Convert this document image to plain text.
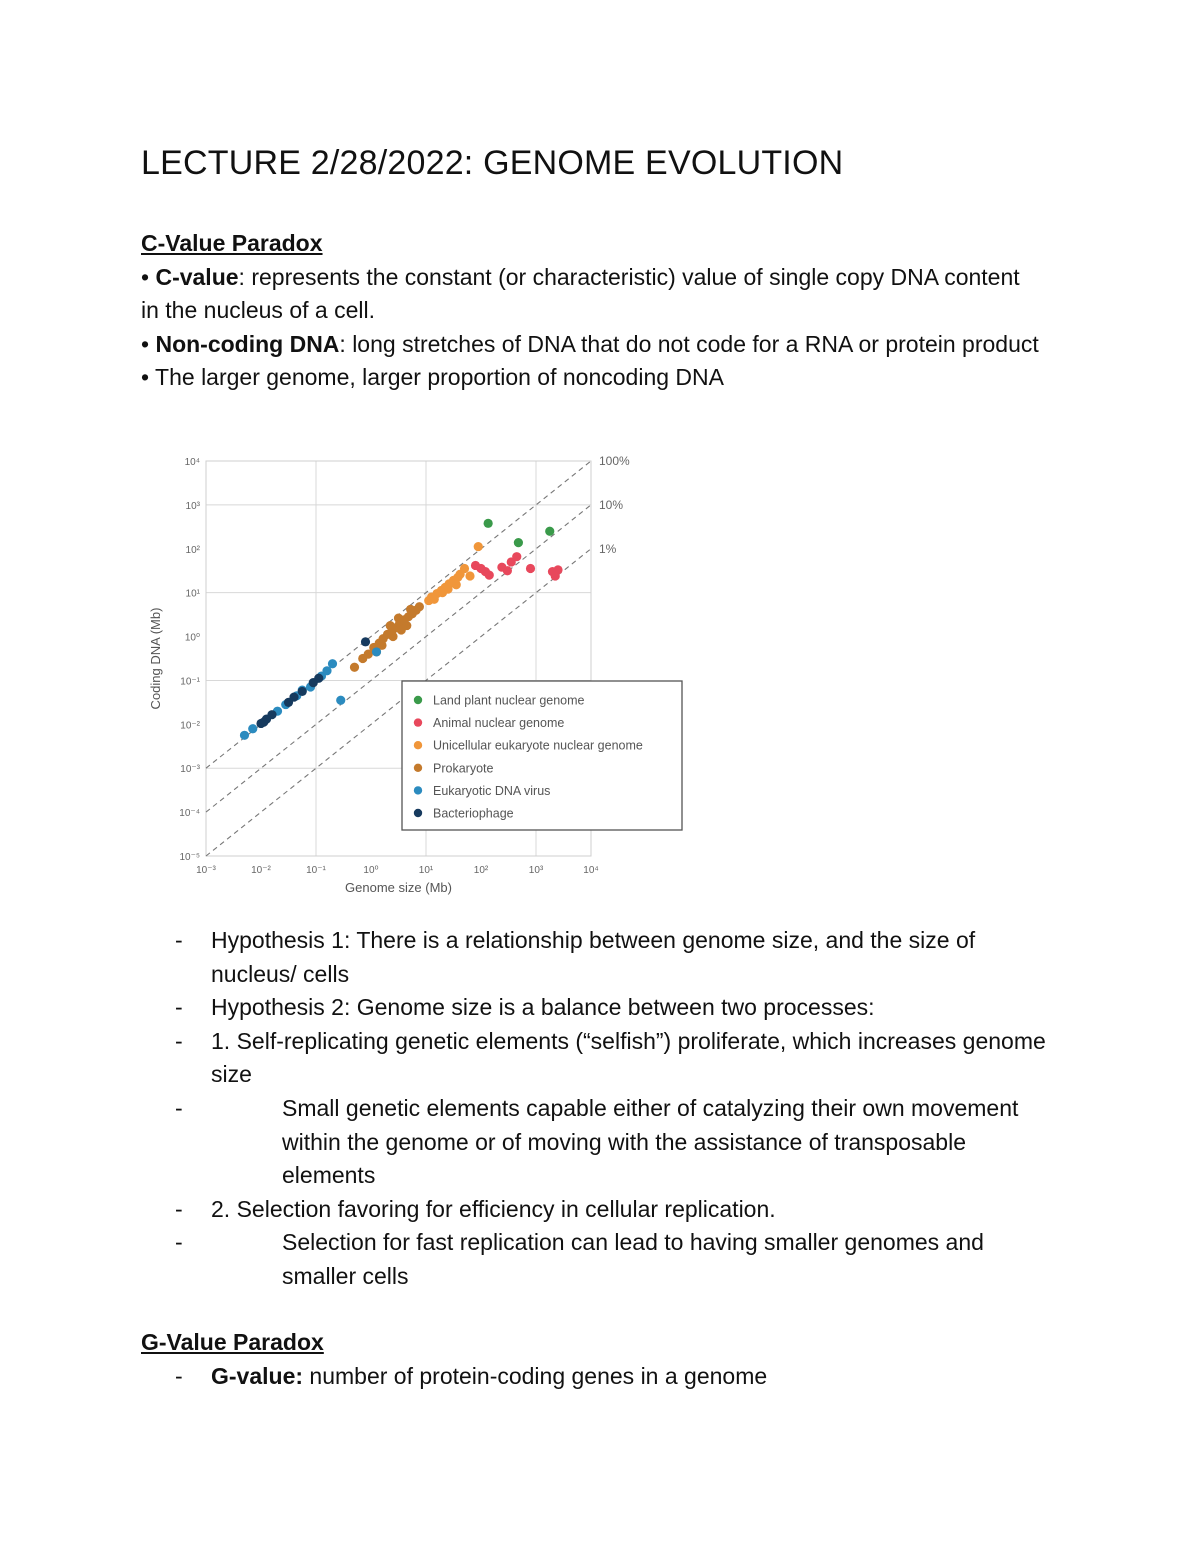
LECTURE 2/28/2022: GENOME EVOLUTION
C-Value Paradox
• C-value: represents the constant (or characteristic) value of single copy DNA content in the nucleus of a cell.
• Non-coding DNA: long stretches of DNA that do not code for a RNA or protein product
• The larger genome, larger proportion of noncoding DNA
100%
10%
1%
10⁻³	10⁻²	10⁻¹	10⁰	10¹	10²	10³	10⁴
10⁻⁵
10⁻⁴
10⁻³
10⁻²
10⁻¹
10⁰
10¹
10²
10³
10⁴
Genome size (Mb)
Coding DNA (Mb)	Land plant nuclear genome
Animal nuclear genome
Unicellular eukaryote nuclear genome
Prokaryote
Eukaryotic DNA virus
Bacteriophage
-	Hypothesis 1: There is a relationship between genome size, and the size of nucleus/ cells
-	Hypothesis 2: Genome size is a balance between two processes:
-	1. Self-replicating genetic elements (“selfish”) proliferate, which increases genome size
-	Small genetic elements capable either of catalyzing their own movement within the genome or of moving with the assistance of transposable elements
-	2. Selection favoring for efficiency in cellular replication.
-	Selection for fast replication can lead to having smaller genomes and smaller cells
G-Value Paradox
-	G-value: number of protein-coding genes in a genome
